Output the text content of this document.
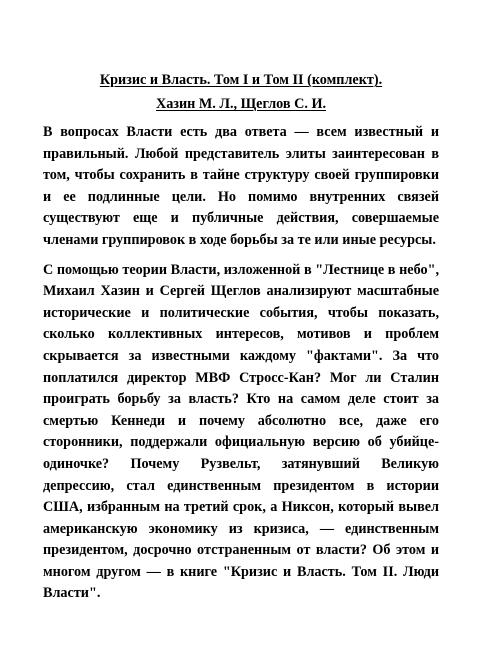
Кризис и Власть. Том I и Том II (комплект).

Хазин М. Л., Щеглов С. И.

В вопросах Власти есть два ответа — всем известный и правильный. Любой представитель элиты заинтересован в том, чтобы сохранить в тайне структуру своей группировки и ее подлинные цели. Но помимо внутренних связей существуют еще и публичные действия, совершаемые членами группировок в ходе борьбы за те или иные ресурсы.

С помощью теории Власти, изложенной в "Лестнице в небо", Михаил Хазин и Сергей Щеглов анализируют масштабные исторические и политические события, чтобы показать, сколько коллективных интересов, мотивов и проблем скрывается за известными каждому "фактами". За что поплатился директор МВФ Стросс-Кан? Мог ли Сталин проиграть борьбу за власть? Кто на самом деле стоит за смертью Кеннеди и почему абсолютно все, даже его сторонники, поддержали официальную версию об убийце-одиночке? Почему Рузвельт, затянувший Великую депрессию, стал единственным президентом в истории США, избранным на третий срок, а Никсон, который вывел американскую экономику из кризиса, — единственным президентом, досрочно отстраненным от власти? Об этом и многом другом — в книге "Кризис и Власть. Том II. Люди Власти".
